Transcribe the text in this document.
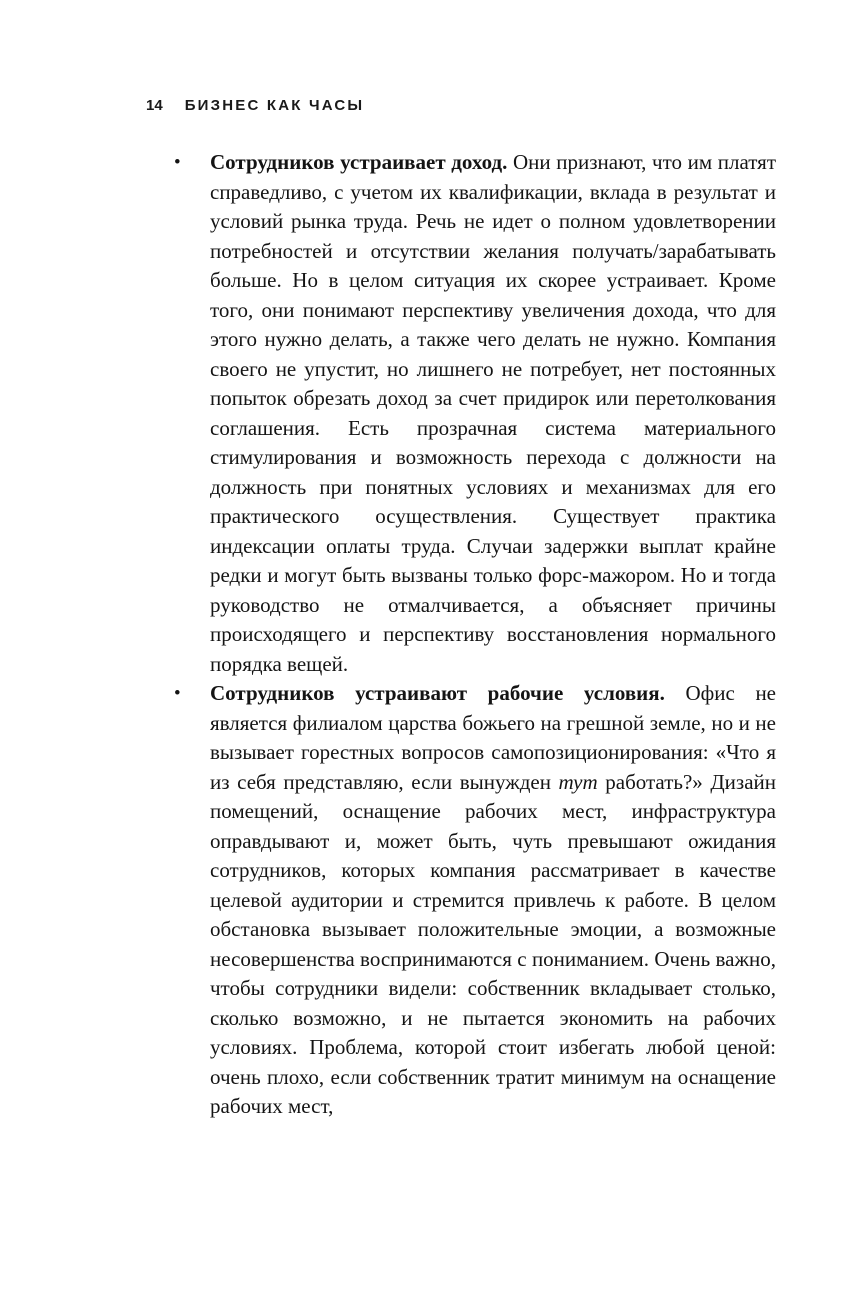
14 БИЗНЕС КАК ЧАСЫ
•	Сотрудников устраивает доход. Они признают, что им платят справедливо, с учетом их квалификации, вклада в результат и условий рынка труда. Речь не идет о полном удовлетворении потребностей и отсутствии желания получать/зарабатывать больше. Но в целом ситуация их скорее устраивает. Кроме того, они понимают перспективу увеличения дохода, что для этого нужно делать, а также чего делать не нужно. Компания своего не упустит, но лишнего не потребует, нет постоянных попыток обрезать доход за счет придирок или перетолкования соглашения. Есть прозрачная система материального стимулирования и возможность перехода с должности на должность при понятных условиях и механизмах для его практического осуществления. Существует практика индексации оплаты труда. Случаи задержки выплат крайне редки и могут быть вызваны только форс-мажором. Но и тогда руководство не отмалчивается, а объясняет причины происходящего и перспективу восстановления нормального порядка вещей.

•	Сотрудников устраивают рабочие условия. Офис не является филиалом царства божьего на грешной земле, но и не вызывает горестных вопросов самопозиционирования: «Что я из себя представляю, если вынужден тут работать?» Дизайн помещений, оснащение рабочих мест, инфраструктура оправдывают и, может быть, чуть превышают ожидания сотрудников, которых компания рассматривает в качестве целевой аудитории и стремится привлечь к работе. В целом обстановка вызывает положительные эмоции, а возможные несовершенства воспринимаются с пониманием. Очень важно, чтобы сотрудники видели: собственник вкладывает столько, сколько возможно, и не пытается экономить на рабочих условиях. Проблема, которой стоит избегать любой ценой: очень плохо, если собственник тратит минимум на оснащение рабочих мест,
